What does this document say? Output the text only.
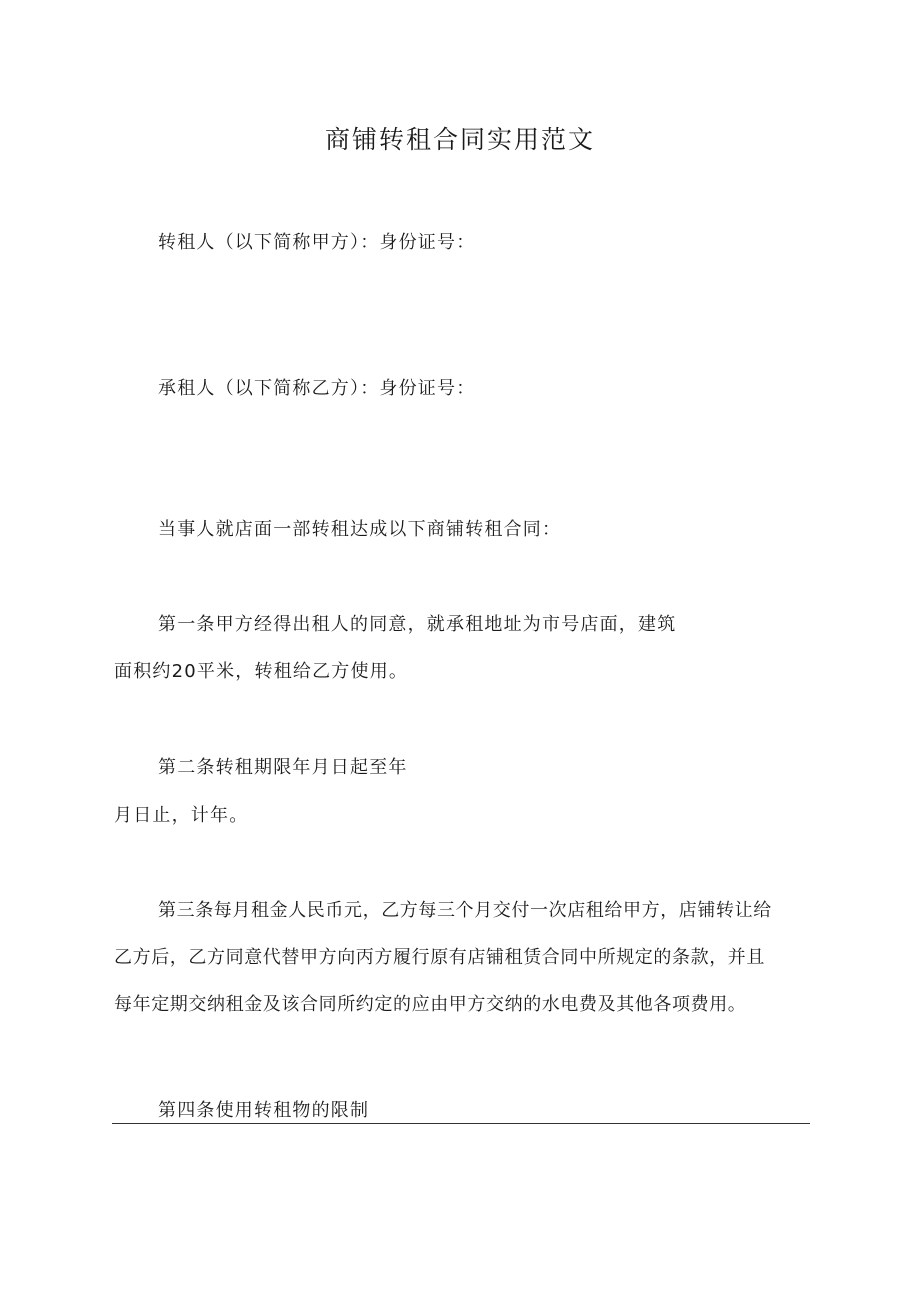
商铺转租合同实用范文
转租人（以下简称甲方）：身份证号：
承租人（以下简称乙方）：身份证号：
当事人就店面一部转租达成以下商铺转租合同：
第一条甲方经得出租人的同意，就承租地址为市号店面，建筑
面积约20平米，转租给乙方使用。
第二条转租期限年月日起至年
月日止，计年。
第三条每月租金人民币元，乙方每三个月交付一次店租给甲方，店铺转让给
乙方后，乙方同意代替甲方向丙方履行原有店铺租赁合同中所规定的条款，并且
每年定期交纳租金及该合同所约定的应由甲方交纳的水电费及其他各项费用。
第四条使用转租物的限制
